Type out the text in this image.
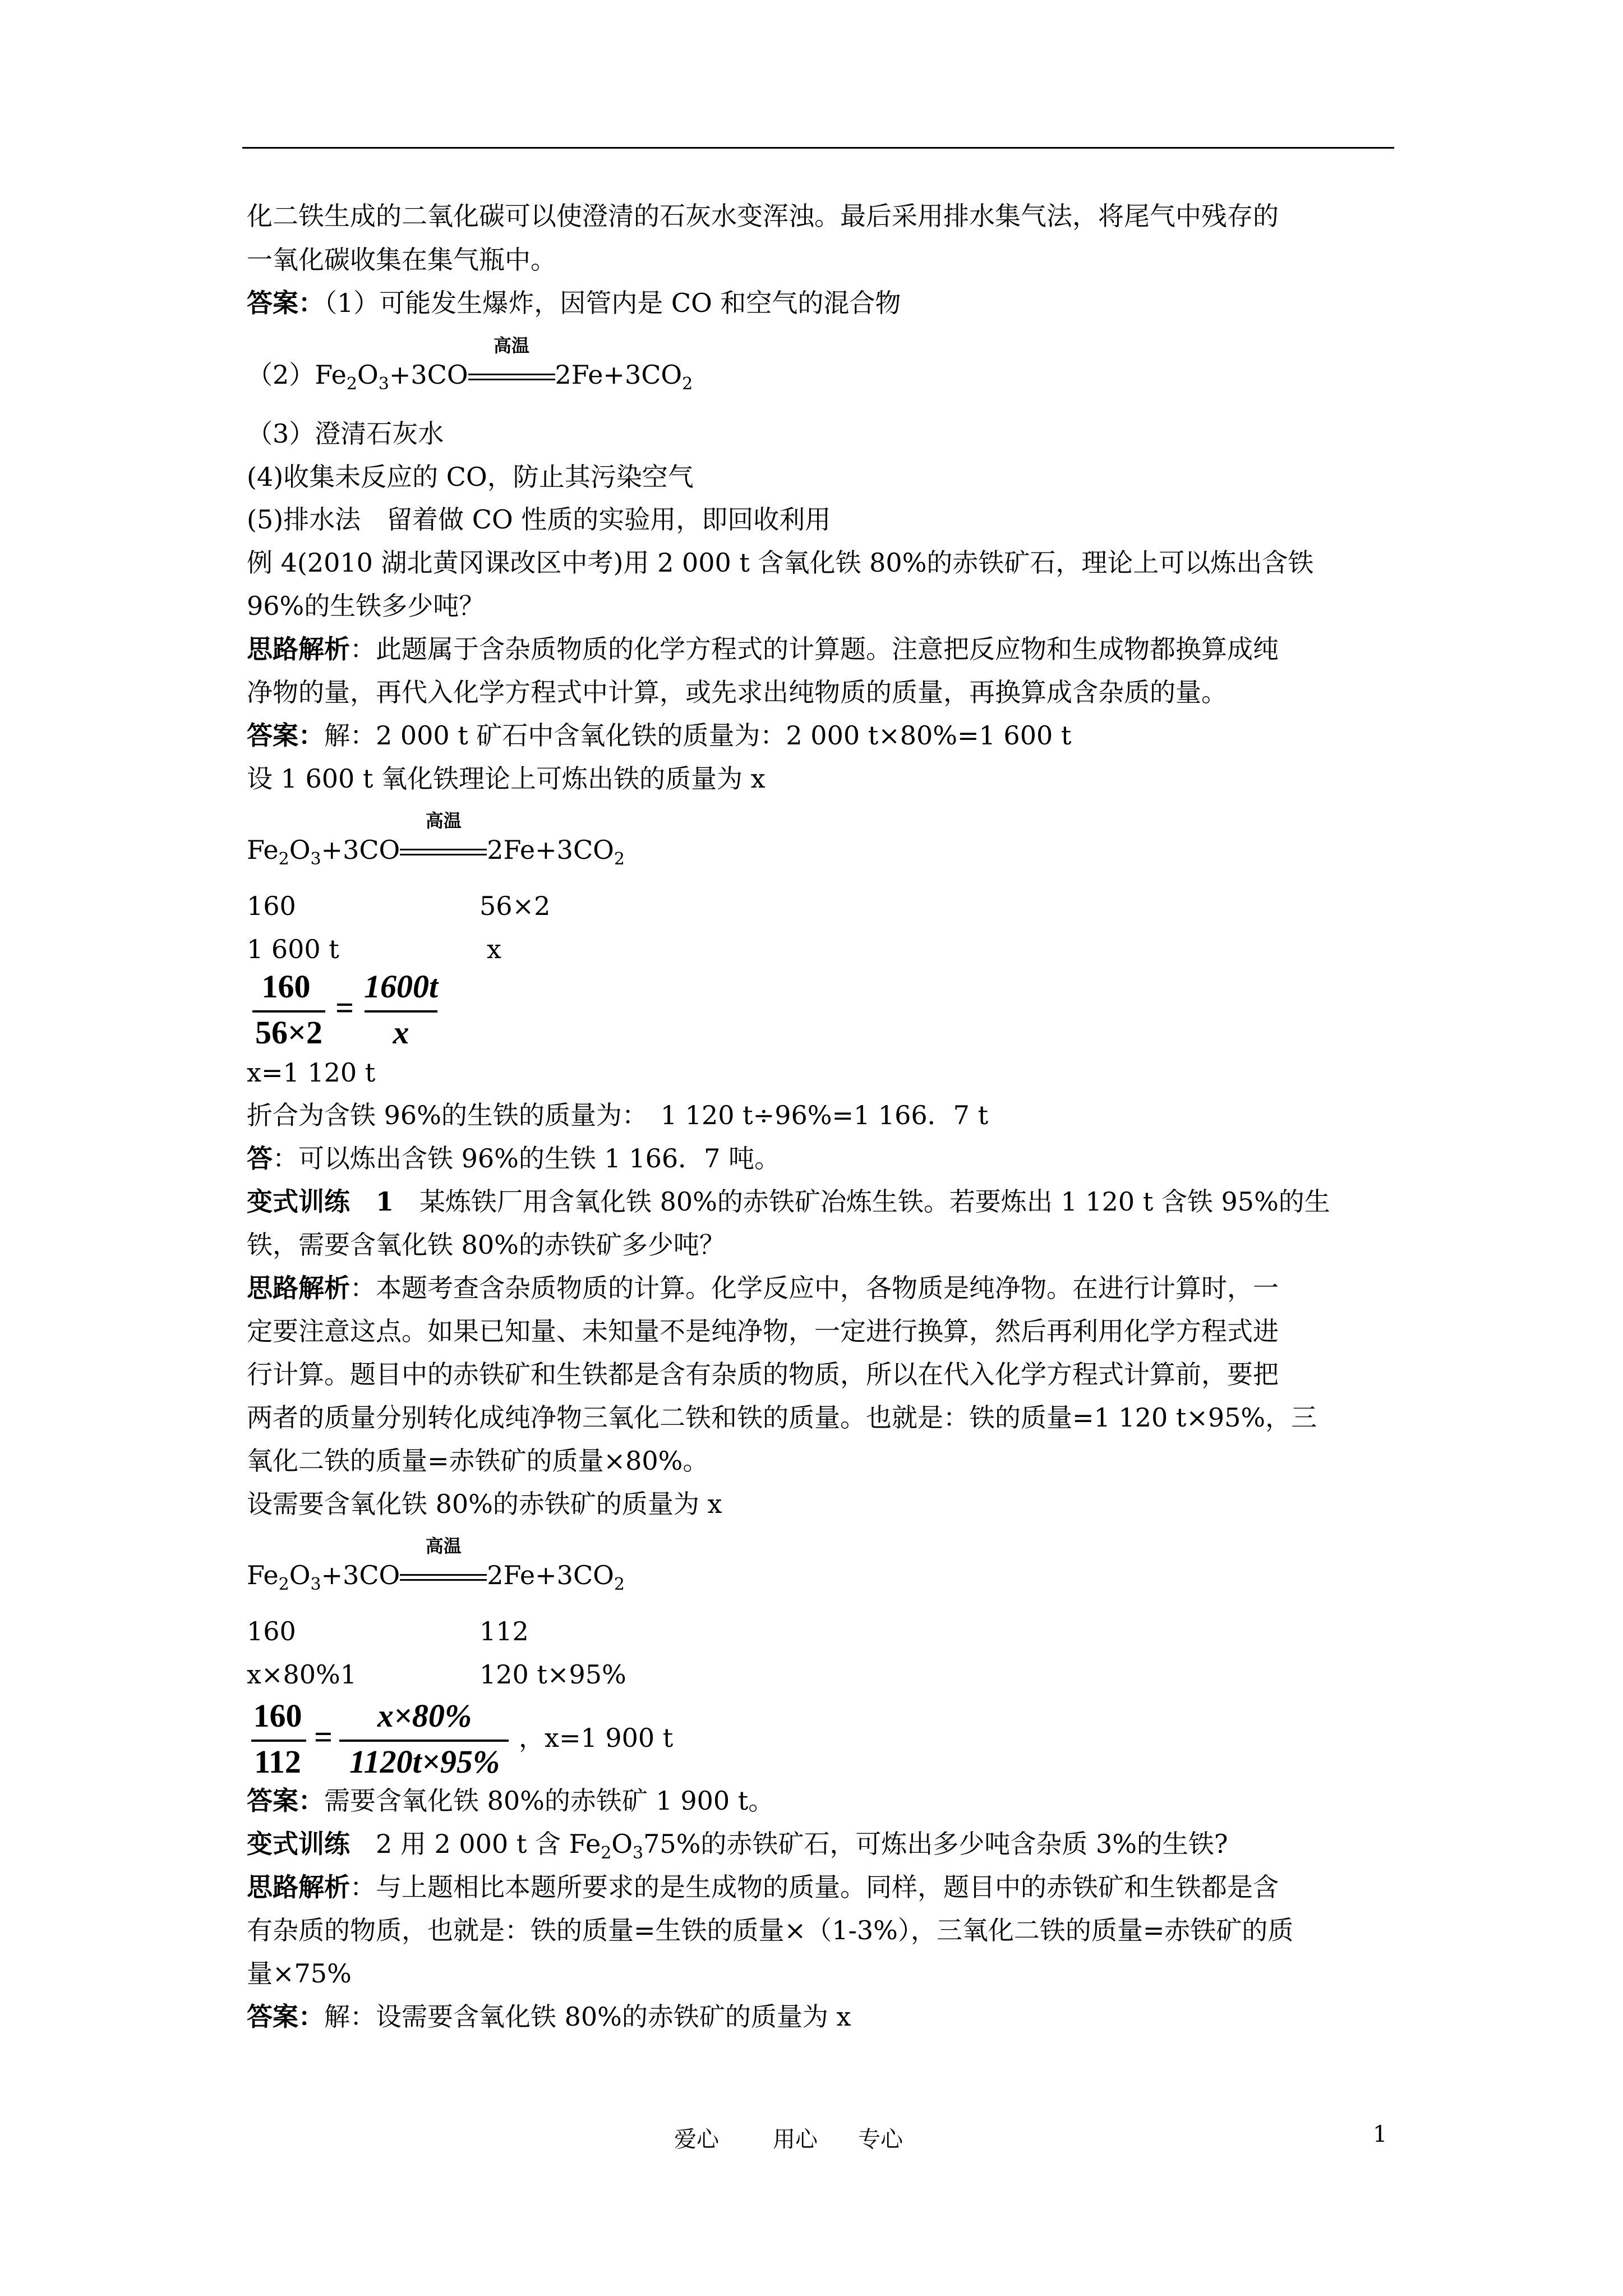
化二铁生成的二氧化碳可以使澄清的石灰水变浑浊。最后采用排水集气法，将尾气中残存的
一氧化碳收集在集气瓶中。
答案：（1）可能发生爆炸，因管内是 CO 和空气的混合物
$(2)Fe_2O_3+3CO$
高温
$2Fe+3CO_2$
（3）澄清石灰水
(4)收集未反应的 CO，防止其污染空气
(5)排水法　留着做 CO 性质的实验用，即回收利用
例 4(2010 湖北黄冈课改区中考)用 2 000 t 含氧化铁 80%的赤铁矿石，理论上可以炼出含铁
96%的生铁多少吨？
思路解析：此题属于含杂质物质的化学方程式的计算题。注意把反应物和生成物都换算成纯
净物的量，再代入化学方程式中计算，或先求出纯物质的质量，再换算成含杂质的量。
答案：解：2 000 t 矿石中含氧化铁的质量为：2 000 t×80%=1 600 t
设 1 600 t 氧化铁理论上可炼出铁的质量为 x
$Fe_2O_3+3CO$
高温
$2Fe+3CO_2$
160	56×2
1 600 t	x
160
56×2
=
1600t
x
x=1 120 t
折合为含铁 96%的生铁的质量为：　1 120 t÷96%=1 166．7 t
答：可以炼出含铁 96%的生铁 1 166．7 吨。
变式训练　1　某炼铁厂用含氧化铁 80%的赤铁矿冶炼生铁。若要炼出 1 120 t 含铁 95%的生
铁，需要含氧化铁 80%的赤铁矿多少吨？
思路解析：本题考查含杂质物质的计算。化学反应中，各物质是纯净物。在进行计算时，一
定要注意这点。如果已知量、未知量不是纯净物，一定进行换算，然后再利用化学方程式进
行计算。题目中的赤铁矿和生铁都是含有杂质的物质，所以在代入化学方程式计算前，要把
两者的质量分别转化成纯净物三氧化二铁和铁的质量。也就是：铁的质量=1 120 t×95%，三
氧化二铁的质量=赤铁矿的质量×80%。
设需要含氧化铁 80%的赤铁矿的质量为 x
$Fe_2O_3+3CO$
高温
$2Fe+3CO_2$
160	112
x×80%1	120 t×95%
160
112
=
x×80%
1120t×95%
，x=1 900 t
答案：需要含氧化铁 80%的赤铁矿 1 900 t。
变式训练　2 用 2 000 t 含 $Fe_2O_375\%$的赤铁矿石，可炼出多少吨含杂质 3%的生铁?
思路解析：与上题相比本题所要求的是生成物的质量。同样，题目中的赤铁矿和生铁都是含
有杂质的物质，也就是：铁的质量=生铁的质量×（1-3%），三氧化二铁的质量=赤铁矿的质
量×75%
答案：解：设需要含氧化铁 80%的赤铁矿的质量为 x
爱心 用心 专心	1
